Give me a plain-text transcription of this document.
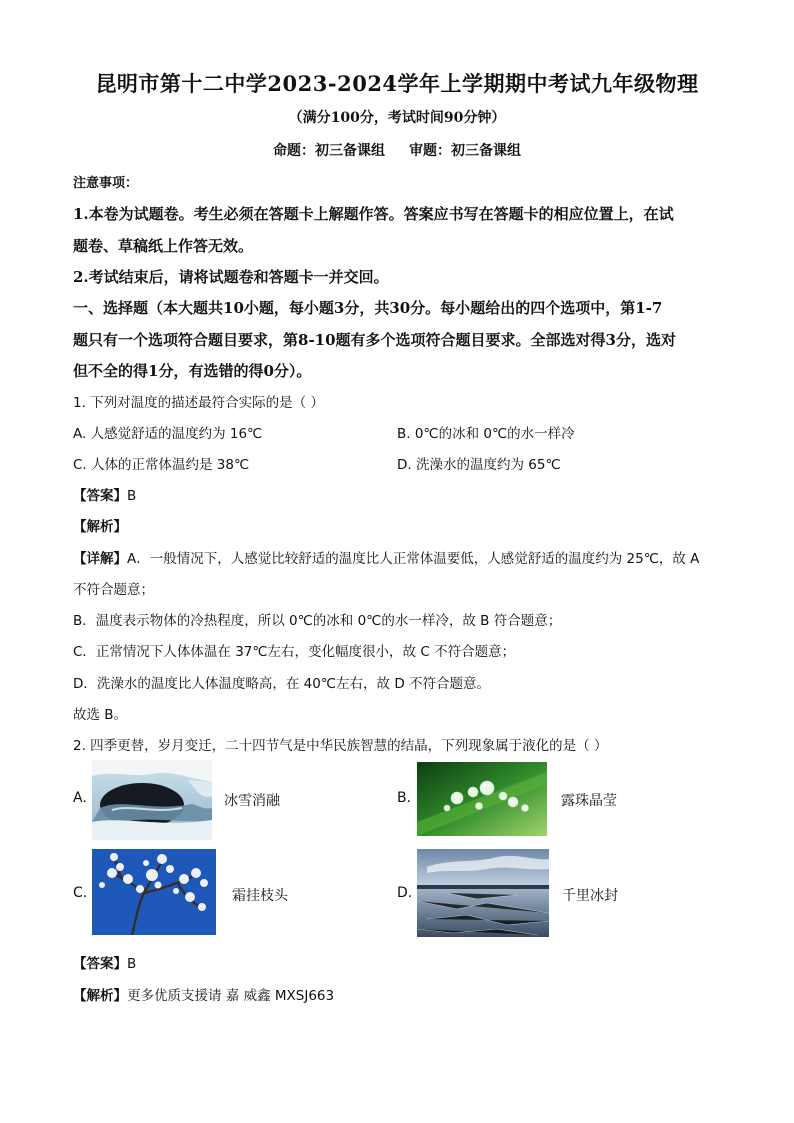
昆明市第十二中学2023-2024学年上学期期中考试九年级物理
（满分100分，考试时间90分钟）
命题：初三备课组 审题：初三备课组
注意事项：
1.本卷为试题卷。考生必须在答题卡上解题作答。答案应书写在答题卡的相应位置上，在试
题卷、草稿纸上作答无效。
2.考试结束后，请将试题卷和答题卡一并交回。
一、选择题（本大题共10小题，每小题3分，共30分。每小题给出的四个选项中，第1-7
题只有一个选项符合题目要求，第8-10题有多个选项符合题目要求。全部选对得3分，选对
但不全的得1分，有选错的得0分）。
1. 下列对温度的描述最符合实际的是（ ）
A. 人感觉舒适的温度约为 16℃	B. 0℃的冰和 0℃的水一样冷
C. 人体的正常体温约是 38℃	D. 洗澡水的温度约为 65℃
【答案】B
【解析】
【详解】A．一般情况下，人感觉比较舒适的温度比人正常体温要低，人感觉舒适的温度约为 25℃，故 A
不符合题意；
B．温度表示物体的冷热程度，所以 0℃的冰和 0℃的水一样冷，故 B 符合题意；
C．正常情况下人体体温在 37℃左右，变化幅度很小，故 C 不符合题意；
D．洗澡水的温度比人体温度略高，在 40℃左右，故 D 不符合题意。
故选 B。
2. 四季更替，岁月变迁，二十四节气是中华民族智慧的结晶，下列现象属于液化的是（ ）
A.	冰雪消融	B.	露珠晶莹
C.	霜挂枝头	D.	千里冰封
【答案】B
【解析】更多优质支援请 嘉 威鑫 MXSJ663
